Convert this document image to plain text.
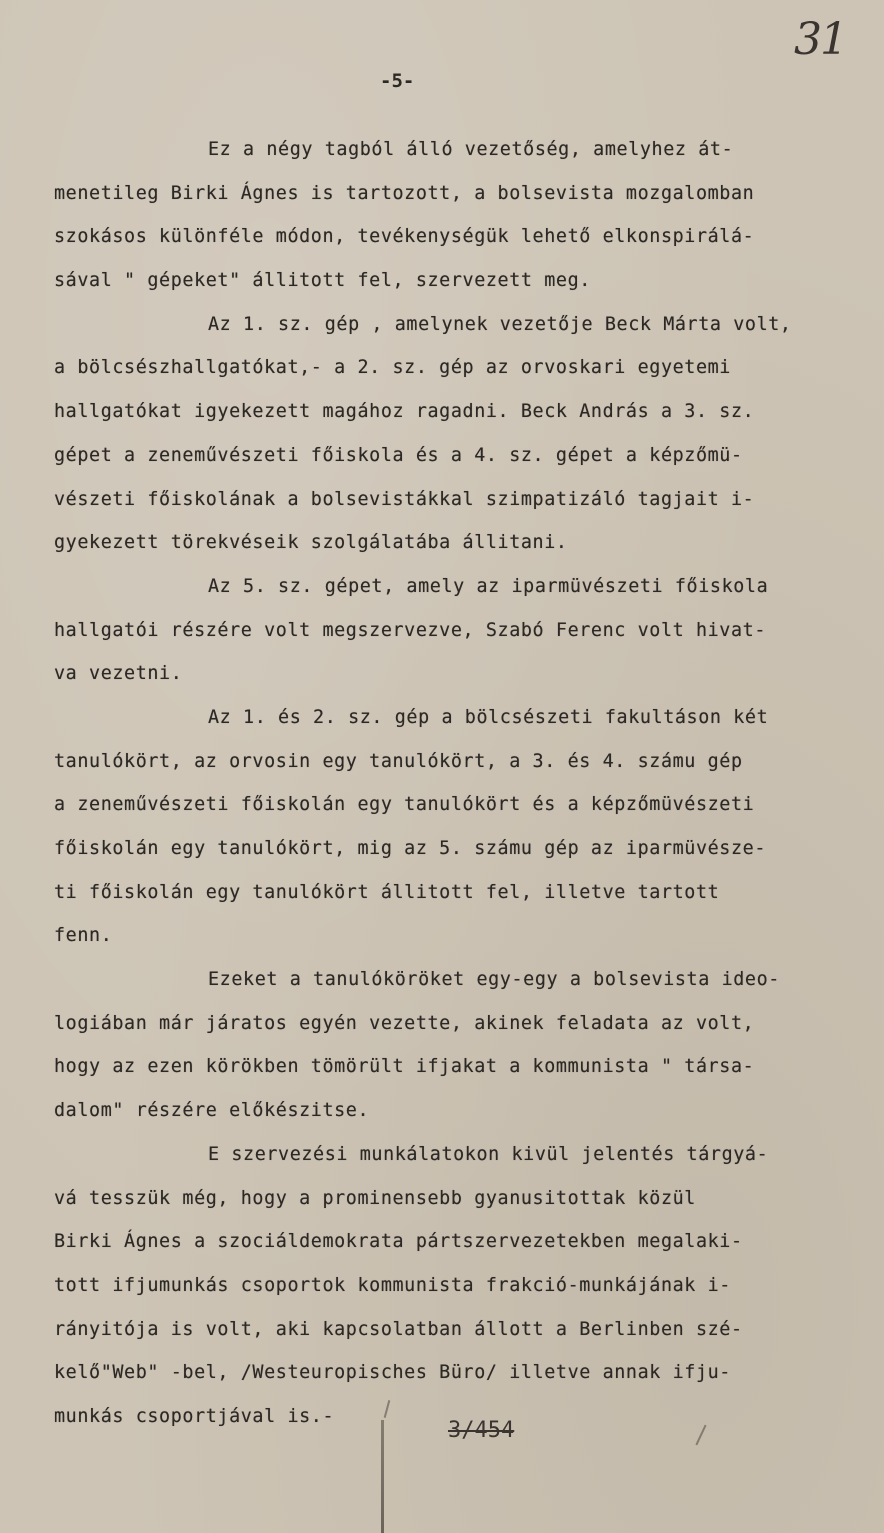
31
-5-
Ez a négy tagból álló vezetőség, amelyhez át-
menetileg Birki Ágnes is tartozott, a bolsevista mozgalomban
szokásos különféle módon, tevékenységük lehető elkonspirálá-
sával " gépeket" állitott fel, szervezett meg.
Az 1. sz. gép , amelynek vezetője Beck Márta volt,
a bölcsészhallgatókat,- a 2. sz. gép az orvoskari egyetemi
hallgatókat igyekezett magához ragadni. Beck András a 3. sz.
gépet a zeneművészeti főiskola és a 4. sz. gépet a képzőmü-
vészeti főiskolának a bolsevistákkal szimpatizáló tagjait i-
gyekezett törekvéseik szolgálatába állitani.
Az 5. sz. gépet, amely az iparmüvészeti főiskola
hallgatói részére volt megszervezve, Szabó Ferenc volt hivat-
va vezetni.
Az 1. és 2. sz. gép a bölcsészeti fakultáson két
tanulókört, az orvosin egy tanulókört, a 3. és 4. számu gép
a zeneművészeti főiskolán egy tanulókört és a képzőmüvészeti
főiskolán egy tanulókört, mig az 5. számu gép az iparmüvésze-
ti főiskolán egy tanulókört állitott fel, illetve tartott
fenn.
Ezeket a tanulóköröket egy-egy a bolsevista ideo-
logiában már járatos egyén vezette, akinek feladata az volt,
hogy az ezen körökben tömörült ifjakat a kommunista " társa-
dalom" részére előkészitse.
E szervezési munkálatokon kivül jelentés tárgyá-
vá tesszük még, hogy a prominensebb gyanusitottak közül
Birki Ágnes a szociáldemokrata pártszervezetekben megalaki-
tott ifjumunkás csoportok kommunista frakció-munkájának i-
rányitója is volt, aki kapcsolatban állott a Berlinben szé-
kelő"Web" -bel, /Westeuropisches Büro/ illetve annak ifju-
munkás csoportjával is.-
3/454
